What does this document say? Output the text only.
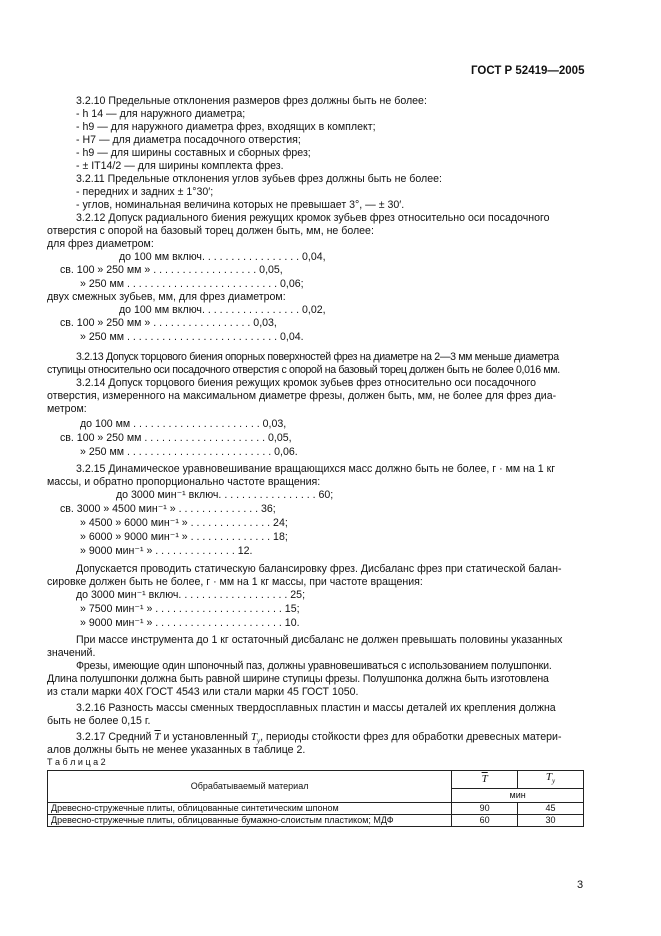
ГОСТ Р 52419—2005
3.2.10 Предельные отклонения размеров фрез должны быть не более:
- h 14 — для наружного диаметра;
- h9 — для наружного диаметра фрез, входящих в комплект;
- H7 — для диаметра посадочного отверстия;
- h9 — для ширины составных и сборных фрез;
- ± IT14/2 — для ширины комплекта фрез.
3.2.11 Предельные отклонения углов зубьев фрез должны быть не более:
- передних и задних ± 1°30′;
- углов, номинальная величина которых не превышает 3°, — ± 30′.
3.2.12 Допуск радиального биения режущих кромок зубьев фрез относительно оси посадочного
отверстия с опорой на базовый торец должен быть, мм, не более:
для фрез диаметром:
до 100 мм включ. . . . . . . . . . . . . . . . . 0,04,
св. 100 » 250 мм » . . . . . . . . . . . . . . . . . . 0,05,
» 250 мм . . . . . . . . . . . . . . . . . . . . . . . . . . 0,06;
двух смежных зубьев, мм, для фрез диаметром:
до 100 мм включ. . . . . . . . . . . . . . . . . 0,02,
св. 100 » 250 мм » . . . . . . . . . . . . . . . . . 0,03,
» 250 мм . . . . . . . . . . . . . . . . . . . . . . . . . . 0,04.
3.2.13 Допуск торцового биения опорных поверхностей фрез на диаметре на 2—3 мм меньше диаметра
ступицы относительно оси посадочного отверстия с опорой на базовый торец должен быть не более 0,016 мм.
3.2.14 Допуск торцового биения режущих кромок зубьев фрез относительно оси посадочного
отверстия, измеренного на максимальном диаметре фрезы, должен быть, мм, не более для фрез диа-
метром:
до 100 мм . . . . . . . . . . . . . . . . . . . . . . 0,03,
св. 100 » 250 мм . . . . . . . . . . . . . . . . . . . . . 0,05,
» 250 мм . . . . . . . . . . . . . . . . . . . . . . . . . 0,06.
3.2.15 Динамическое уравновешивание вращающихся масс должно быть не более, г · мм на 1 кг
массы, и обратно пропорционально частоте вращения:
до 3000 мин⁻¹ включ. . . . . . . . . . . . . . . . . 60;
св. 3000 » 4500 мин⁻¹ » . . . . . . . . . . . . . . 36;
» 4500 » 6000 мин⁻¹ » . . . . . . . . . . . . . . 24;
» 6000 » 9000 мин⁻¹ » . . . . . . . . . . . . . . 18;
» 9000 мин⁻¹ » . . . . . . . . . . . . . . 12.
Допускается проводить статическую балансировку фрез. Дисбаланс фрез при статической балан-
сировке должен быть не более, г · мм на 1 кг массы, при частоте вращения:
до 3000 мин⁻¹ включ. . . . . . . . . . . . . . . . . . . 25;
» 7500 мин⁻¹ » . . . . . . . . . . . . . . . . . . . . . . 15;
» 9000 мин⁻¹ » . . . . . . . . . . . . . . . . . . . . . . 10.
При массе инструмента до 1 кг остаточный дисбаланс не должен превышать половины указанных
значений.
Фрезы, имеющие один шпоночный паз, должны уравновешиваться с использованием полушпонки.
Длина полушпонки должна быть равной ширине ступицы фрезы. Полушпонка должна быть изготовлена
из стали марки 40Х ГОСТ 4543 или стали марки 45 ГОСТ 1050.
3.2.16 Разность массы сменных твердосплавных пластин и массы деталей их крепления должна
быть не более 0,15 г.
3.2.17 Средний $\overline{T}$ и установленный $T_у$, периоды стойкости фрез для обработки древесных матери-
алов должны быть не менее указанных в таблице 2.
Т а б л и ц а 2
Обрабатываемый материал	$\overline{T}$	$T_у$
	мин	
Древесно-стружечные плиты, облицованные синтетическим шпоном	90	45
Древесно-стружечные плиты, облицованные бумажно-слоистым пластиком; МДФ	60	30
3
